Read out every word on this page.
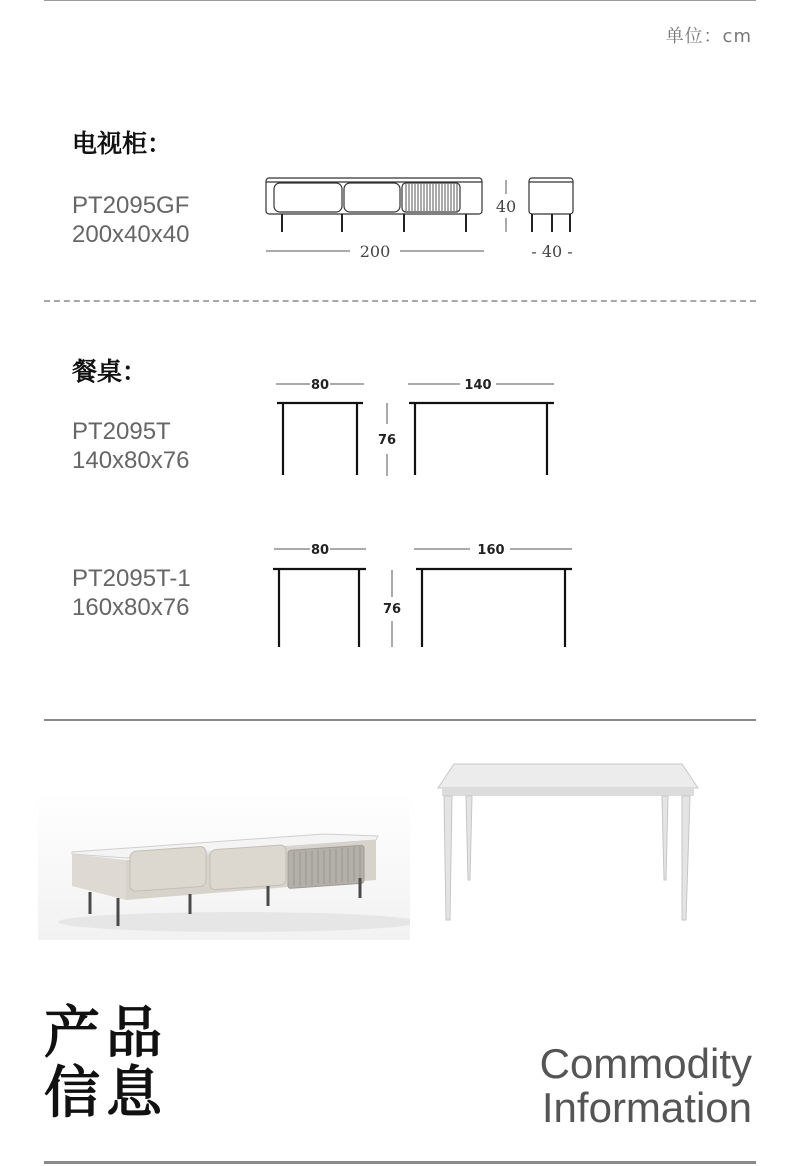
单位：cm
电视柜：
PT2095GF
200x40x40
200
40
- 40 -
餐桌：
PT2095T
140x80x76
80	140
76
PT2095T-1
160x80x76
80	160
76
产品
信息	Commodity
Information
